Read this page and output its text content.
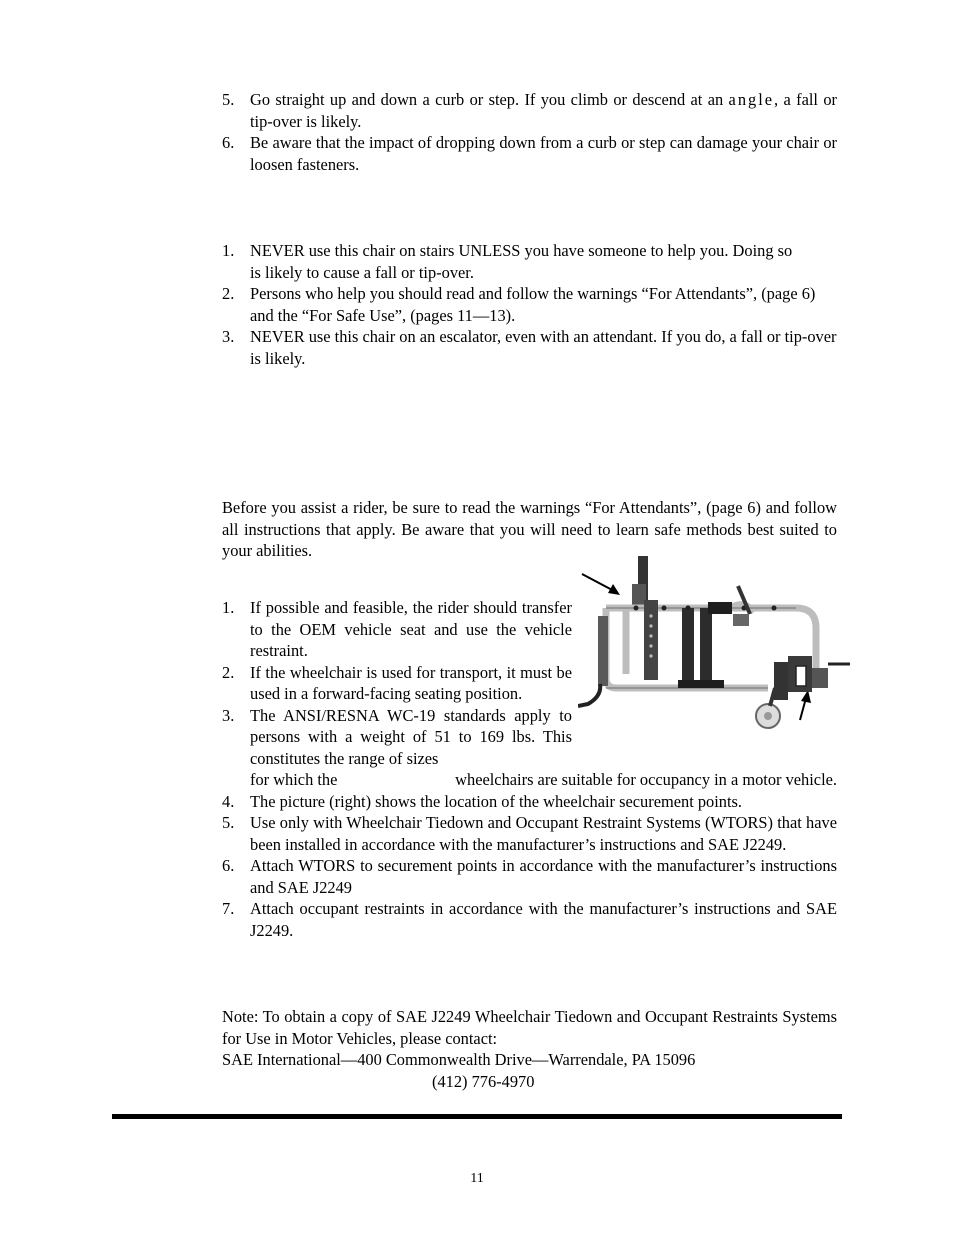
5. Go straight up and down a curb or step. If you climb or descend at an angle, a fall or tip-over is likely.
6. Be aware that the impact of dropping down from a curb or step can damage your chair or loosen fasteners.
1. NEVER use this chair on stairs UNLESS you have someone to help you. Doing so is likely to cause a fall or tip-over.
2. Persons who help you should read and follow the warnings “For Attendants”, (page 6) and the “For Safe Use”, (pages 11—13).
3. NEVER use this chair on an escalator, even with an attendant. If you do, a fall or tip-over is likely.

Before you assist a rider, be sure to read the warnings “For Attendants”, (page 6) and follow all instructions that apply. Be aware that you will need to learn safe methods best suited to your abilities.

1. If possible and feasible, the rider should transfer to the OEM vehicle seat and use the vehicle restraint.
2. If the wheelchair is used for transport, it must be used in a forward-facing seating position.
3. The ANSI/RESNA WC-19 standards apply to persons with a weight of 51 to 169 lbs. This constitutes the range of sizes
for which the	wheelchairs are suitable for occupancy in a motor vehicle.
4. The picture (right) shows the location of the wheelchair securement points.
5. Use only with Wheelchair Tiedown and Occupant Restraint Systems (WTORS) that have been installed in accordance with the manufacturer’s instructions and SAE J2249.
6. Attach WTORS to securement points in accordance with the manufacturer’s instructions and SAE J2249
7. Attach occupant restraints in accordance with the manufacturer’s instructions and SAE J2249.

Note: To obtain a copy of SAE J2249 Wheelchair Tiedown and Occupant Restraints Systems for Use in Motor Vehicles, please contact:

SAE International—400 Commonwealth Drive—Warrendale, PA 15096
(412) 776-4970
11
